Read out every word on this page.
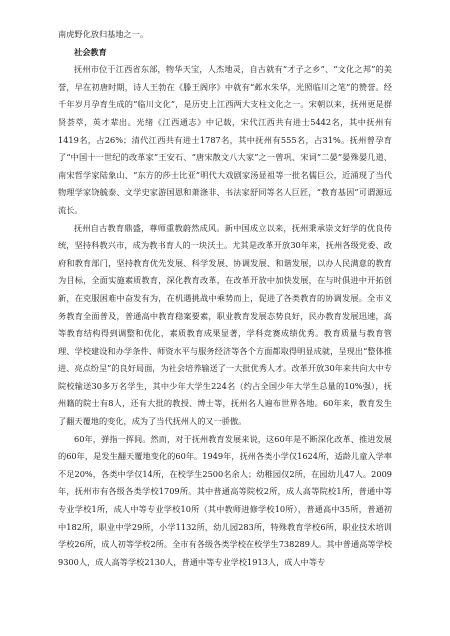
南虎野化放归基地之一。

社会教育

抚州市位于江西省东部，物华天宝，人杰地灵，自古就有“才子之乡”、“文化之邦”的美誉，早在初唐时期，诗人王勃在《滕王阁序》中就有“邺水朱华，光照临川之笔”的赞誉。经千年岁月孕育生成的“临川文化”，是历史上江西两大支柱文化之一。宋朝以来，抚州更是群贤荟萃，英才辈出。光绪《江西通志》中记载，宋代江西共有进士5442名，其中抚州有1419名，占26%；清代江西共有进士1787名，其中抚州有555名，占31%。抚州曾孕育了“中国十一世纪的改革家”王安石、“唐宋散文八大家”之一曾巩、宋词“二晏”晏殊晏几道、南宋哲学家陆象山、“东方的莎士比亚”明代大戏剧家汤显祖等一批名儒巨公，近涌现了当代物理学家饶毓泰、文学史家游国恩和萧涤非、书法家舒同等名人巨匠，“教育基因”可谓源远流长。

抚州自古教育鼎盛，尊师重教蔚然成风。新中国成立以来，抚州秉承崇文好学的优良传统，坚持科教兴市，成为教书育人的一块沃土。尤其是改革开放30年来，抚州各级党委、政府和教育部门，坚持教育优先发展、科学发展、协调发展、和谐发展，以办人民满意的教育为目标，全面实施素质教育，深化教育改革，在改革开放中加快发展，在与时俱进中开拓创新，在克服困难中奋发有为，在机遇挑战中乘势而上，促进了各类教育的协调发展。全市义务教育全面普及，普通高中教育稳案要素，职业教育发展态势良好，民办教育发展迅速，高等教育结构得到调整和优化，素质教育成果显著，学科竞赛成绩优秀。教育质量与教育管理、学校建设和办学条件、师资水平与服务经济等各个方面都取得明显成就，呈现出“整体推进、亮点纷呈”的良好局面，为社会培养输送了一大批优秀人才。改革开放30年来共向大中专院校输送30多万名学生，其中少年大学生224名（约占全国少年大学生总量的10%强），抚州籍的院士有8人，还有大批的教授、博士等，抚州名人遍布世界各地。60年来，教育发生了翻天覆地的变化，成为了当代抚州人的又一骄傲。

60年，弹指一挥间。然而，对于抚州教育发展来说，这60年是不断深化改革、推进发展的60年，是发生翻天覆地变化的60年。1949年，抚州各类小学仅1624所，适龄儿童入学率不足20%，各类中学仅14所，在校学生2500名余人；幼稚园仅2所，在园幼儿47人。2009年，抚州市有各级各类学校1709所。其中普通高等院校2所，成人高等院校1所，普通中等专业学校1所，成人中等专业学校10所（其中教师进修学校10所），普通高中35所，普通初中182所，职业中学29所，小学1132所，幼儿园283所，特殊教育学校6所，职业技术培训学校26所，成人初等学校2所。全市有各级各类学校在校学生738289人。其中普通高等学校9300人，成人高等学校2130人，普通中等专业学校1913人，成人中等专
